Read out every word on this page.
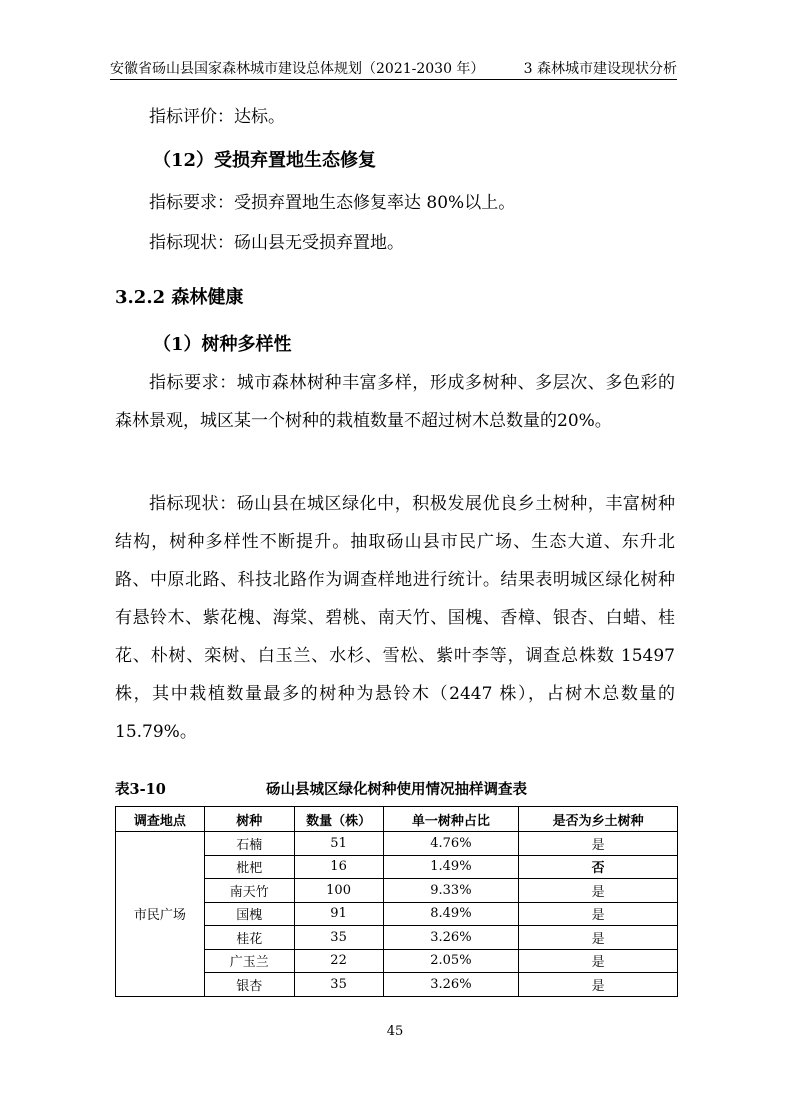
安徽省砀山县国家森林城市建设总体规划（2021-2030 年）	3 森林城市建设现状分析
指标评价：达标。
（12）受损弃置地生态修复
指标要求：受损弃置地生态修复率达 80%以上。
指标现状：砀山县无受损弃置地。
3.2.2 森林健康
（1）树种多样性
指标要求：城市森林树种丰富多样，形成多树种、多层次、多色彩的森林景观，城区某一个树种的栽植数量不超过树木总数量的20%。
指标现状：砀山县在城区绿化中，积极发展优良乡土树种，丰富树种结构，树种多样性不断提升。抽取砀山县市民广场、生态大道、东升北路、中原北路、科技北路作为调查样地进行统计。结果表明城区绿化树种有悬铃木、紫花槐、海棠、碧桃、南天竹、国槐、香樟、银杏、白蜡、桂花、朴树、栾树、白玉兰、水杉、雪松、紫叶李等，调查总株数 15497 株，其中栽植数量最多的树种为悬铃木（2447 株），占树木总数量的 15.79%。
表3-10	砀山县城区绿化树种使用情况抽样调查表
调查地点	树种	数量（株）	单一树种占比	是否为乡土树种
市民广场	石楠	51	4.76%	是
	枇杷	16	1.49%	否
	南天竹	100	9.33%	是
	国槐	91	8.49%	是
	桂花	35	3.26%	是
	广玉兰	22	2.05%	是
	银杏	35	3.26%	是
45
